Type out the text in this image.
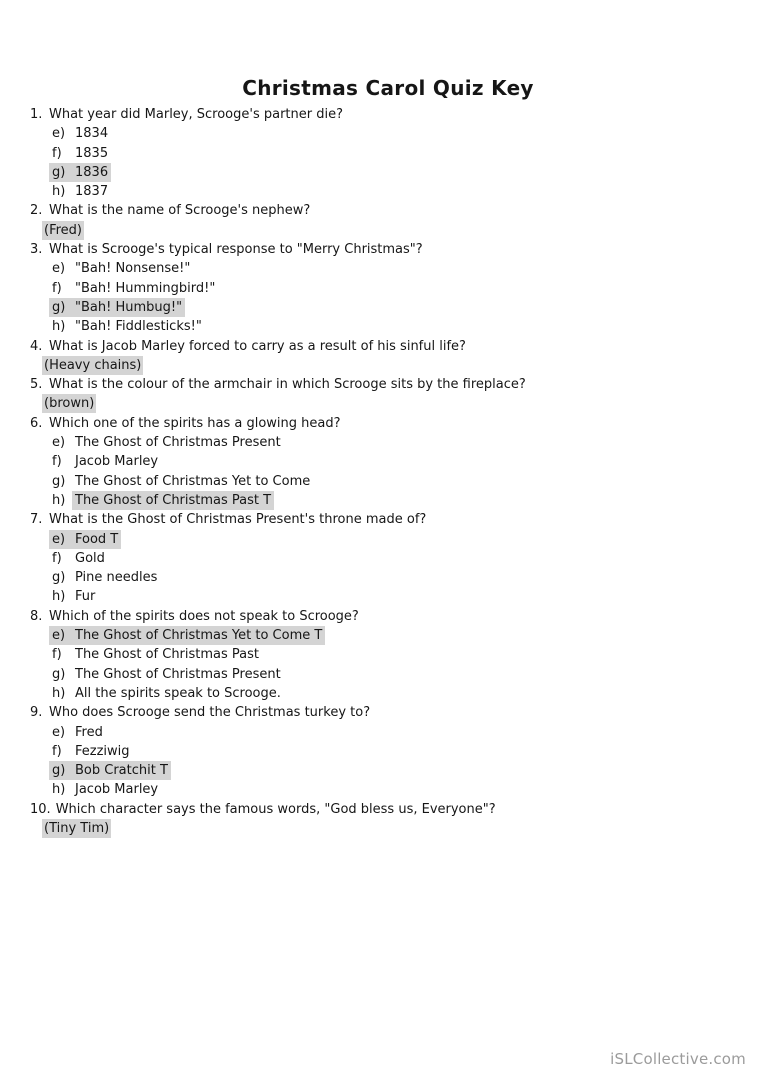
Christmas Carol Quiz Key
1. What year did Marley, Scrooge's partner die?
e) 1834
f) 1835
g) 1836
h) 1837
2. What is the name of Scrooge's nephew?
(Fred)
3. What is Scrooge's typical response to "Merry Christmas"?
e) "Bah! Nonsense!"
f) "Bah! Hummingbird!"
g) "Bah! Humbug!"
h) "Bah! Fiddlesticks!"
4. What is Jacob Marley forced to carry as a result of his sinful life?
(Heavy chains)
5. What is the colour of the armchair in which Scrooge sits by the fireplace?
(brown)
6. Which one of the spirits has a glowing head?
e) The Ghost of Christmas Present
f) Jacob Marley
g) The Ghost of Christmas Yet to Come
h) The Ghost of Christmas Past T
7. What is the Ghost of Christmas Present's throne made of?
e) Food T
f) Gold
g) Pine needles
h) Fur
8. Which of the spirits does not speak to Scrooge?
e) The Ghost of Christmas Yet to Come T
f) The Ghost of Christmas Past
g) The Ghost of Christmas Present
h) All the spirits speak to Scrooge.
9. Who does Scrooge send the Christmas turkey to?
e) Fred
f) Fezziwig
g) Bob Cratchit T
h) Jacob Marley
10. Which character says the famous words, "God bless us, Everyone"?
(Tiny Tim)
iSLCollective.com
